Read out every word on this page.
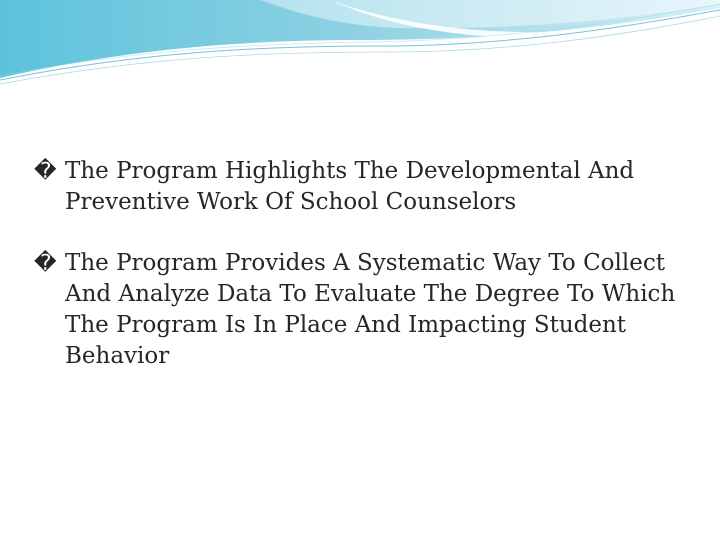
� The Program Highlights The Developmental And Preventive Work Of School Counselors
� The Program Provides A Systematic Way To Collect And Analyze Data To Evaluate The Degree To Which The Program Is In Place And Impacting Student Behavior
